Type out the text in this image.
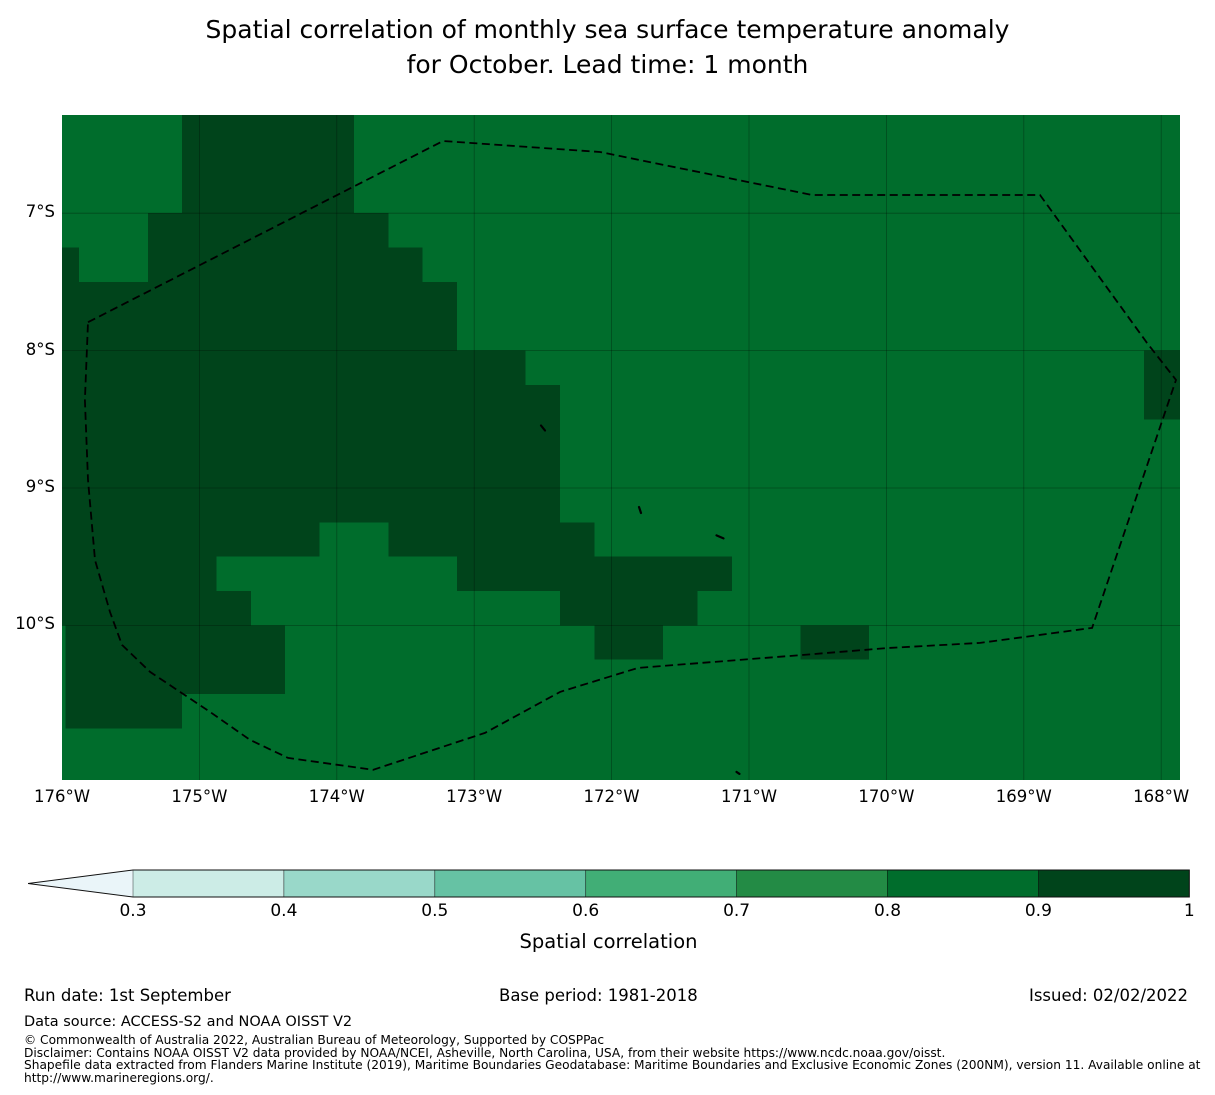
Spatial correlation of monthly sea surface temperature anomaly
for October. Lead time: 1 month
Spatial correlation
Run date: 1st September	Base period: 1981-2018	Issued: 02/02/2022
Data source: ACCESS-S2 and NOAA OISST V2
© Commonwealth of Australia 2022, Australian Bureau of Meteorology, Supported by COSPPac
Disclaimer: Contains NOAA OISST V2 data provided by NOAA/NCEI, Asheville, North Carolina, USA, from their website https://www.ncdc.noaa.gov/oisst.
Shapefile data extracted from Flanders Marine Institute (2019), Maritime Boundaries Geodatabase: Maritime Boundaries and Exclusive Economic Zones (200NM), version 11. Available online at
http://www.marineregions.org/.
176°W	175°W	174°W	173°W	172°W	171°W	170°W	169°W	168°W
7°S
8°S
9°S
10°S
0.3	0.4	0.5	0.6	0.7	0.8	0.9	1
